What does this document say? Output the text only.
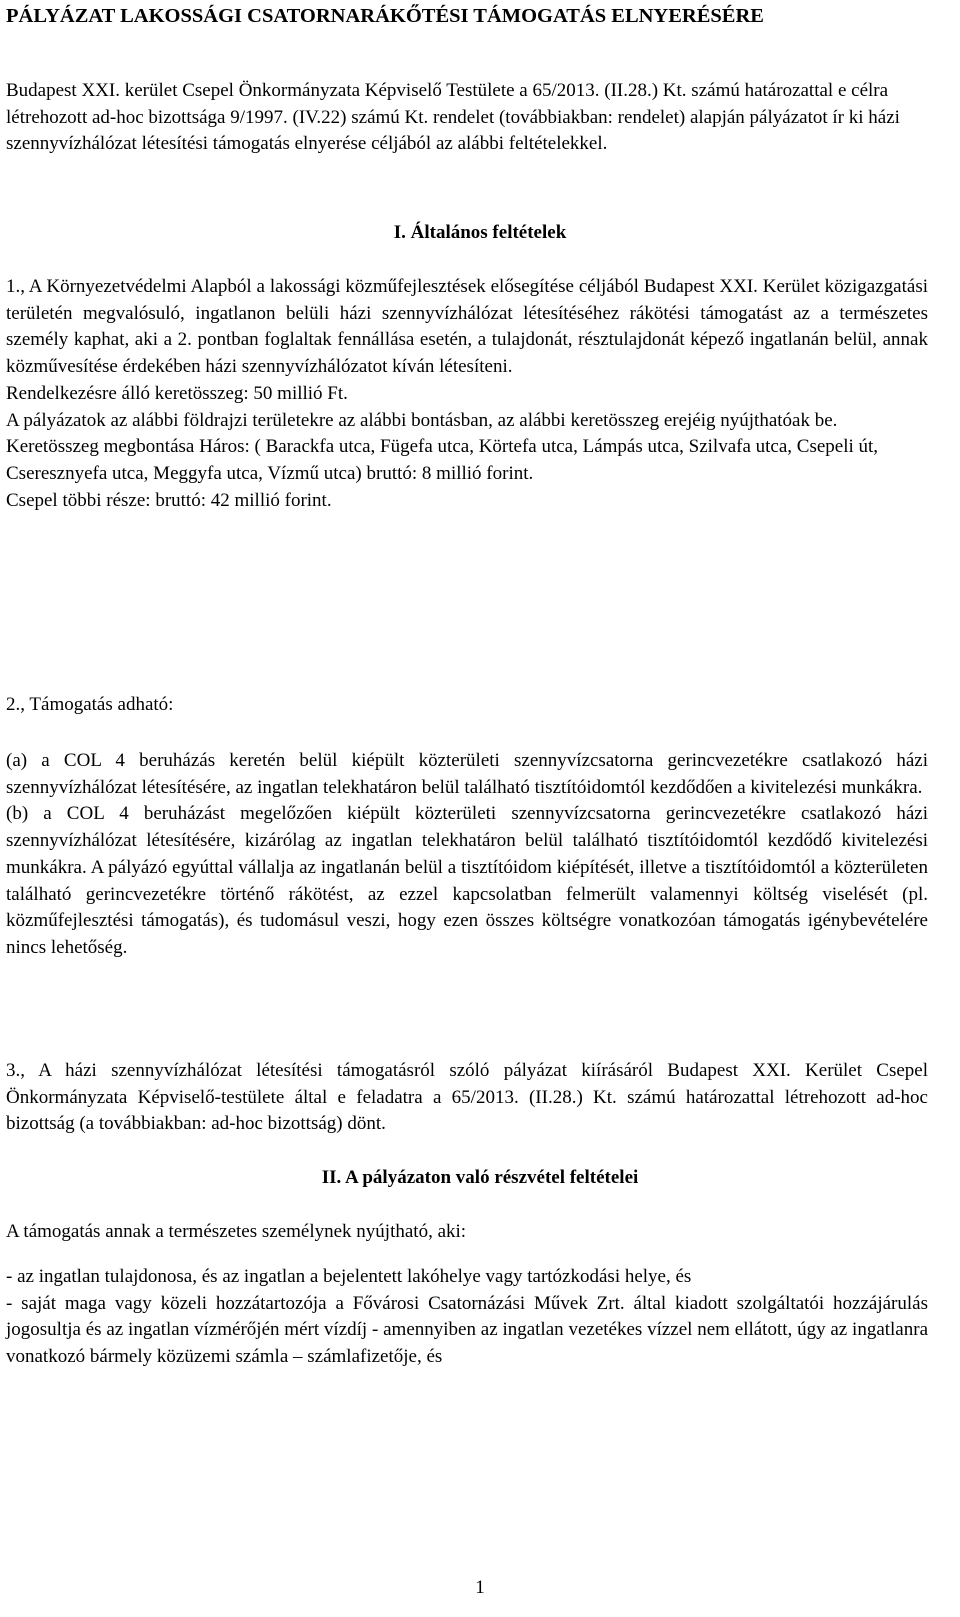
PÁLYÁZAT LAKOSSÁGI CSATORNARÁKŐTÉSI TÁMOGATÁS ELNYERÉSÉRE

Budapest XXI. kerület Csepel Önkormányzata Képviselő Testülete a 65/2013. (II.28.) Kt. számú határozattal e célra létrehozott ad-hoc bizottsága 9/1997. (IV.22) számú Kt. rendelet (továbbiakban: rendelet) alapján pályázatot ír ki házi szennyvízhálózat létesítési támogatás elnyerése céljából az alábbi feltételekkel.

I. Általános feltételek

1., A Környezetvédelmi Alapból a lakossági közműfejlesztések elősegítése céljából Budapest XXI. Kerület közigazgatási területén megvalósuló, ingatlanon belüli házi szennyvízhálózat létesítéséhez rákötési támogatást az a természetes személy kaphat, aki a 2. pontban foglaltak fennállása esetén, a tulajdonát, résztulajdonát képező ingatlanán belül, annak közművesítése érdekében házi szennyvízhálózatot kíván létesíteni.

Rendelkezésre álló keretösszeg: 50 millió Ft.

A pályázatok az alábbi földrajzi területekre az alábbi bontásban, az alábbi keretösszeg erejéig nyújthatóak be.

Keretösszeg megbontása Háros: ( Barackfa utca, Fügefa utca, Körtefa utca, Lámpás utca, Szilvafa utca, Csepeli út, Cseresznyefa utca, Meggyfa utca, Vízmű utca) bruttó: 8 millió forint.

Csepel többi része: bruttó: 42 millió forint.

2., Támogatás adható:

(a) a COL 4 beruházás keretén belül kiépült közterületi szennyvízcsatorna gerincvezetékre csatlakozó házi szennyvízhálózat létesítésére, az ingatlan telekhatáron belül található tisztítóidomtól kezdődően a kivitelezési munkákra.

(b) a COL 4 beruházást megelőzően kiépült közterületi szennyvízcsatorna gerincvezetékre csatlakozó házi szennyvízhálózat létesítésére, kizárólag az ingatlan telekhatáron belül található tisztítóidomtól kezdődő kivitelezési munkákra. A pályázó egyúttal vállalja az ingatlanán belül a tisztítóidom kiépítését, illetve a tisztítóidomtól a közterületen található gerincvezetékre történő rákötést, az ezzel kapcsolatban felmerült valamennyi költség viselését (pl. közműfejlesztési támogatás), és tudomásul veszi, hogy ezen összes költségre vonatkozóan támogatás igénybevételére nincs lehetőség.

3., A házi szennyvízhálózat létesítési támogatásról szóló pályázat kiírásáról Budapest XXI. Kerület Csepel Önkormányzata Képviselő-testülete által e feladatra a 65/2013. (II.28.) Kt. számú határozattal létrehozott ad-hoc bizottság (a továbbiakban: ad-hoc bizottság) dönt.

II. A pályázaton való részvétel feltételei

A támogatás annak a természetes személynek nyújtható, aki:

- az ingatlan tulajdonosa, és az ingatlan a bejelentett lakóhelye vagy tartózkodási helye, és

- saját maga vagy közeli hozzátartozója a Fővárosi Csatornázási Művek Zrt. által kiadott szolgáltatói hozzájárulás jogosultja és az ingatlan vízmérőjén mért vízdíj - amennyiben az ingatlan vezetékes vízzel nem ellátott, úgy az ingatlanra vonatkozó bármely közüzemi számla – számlafizetője, és

1
